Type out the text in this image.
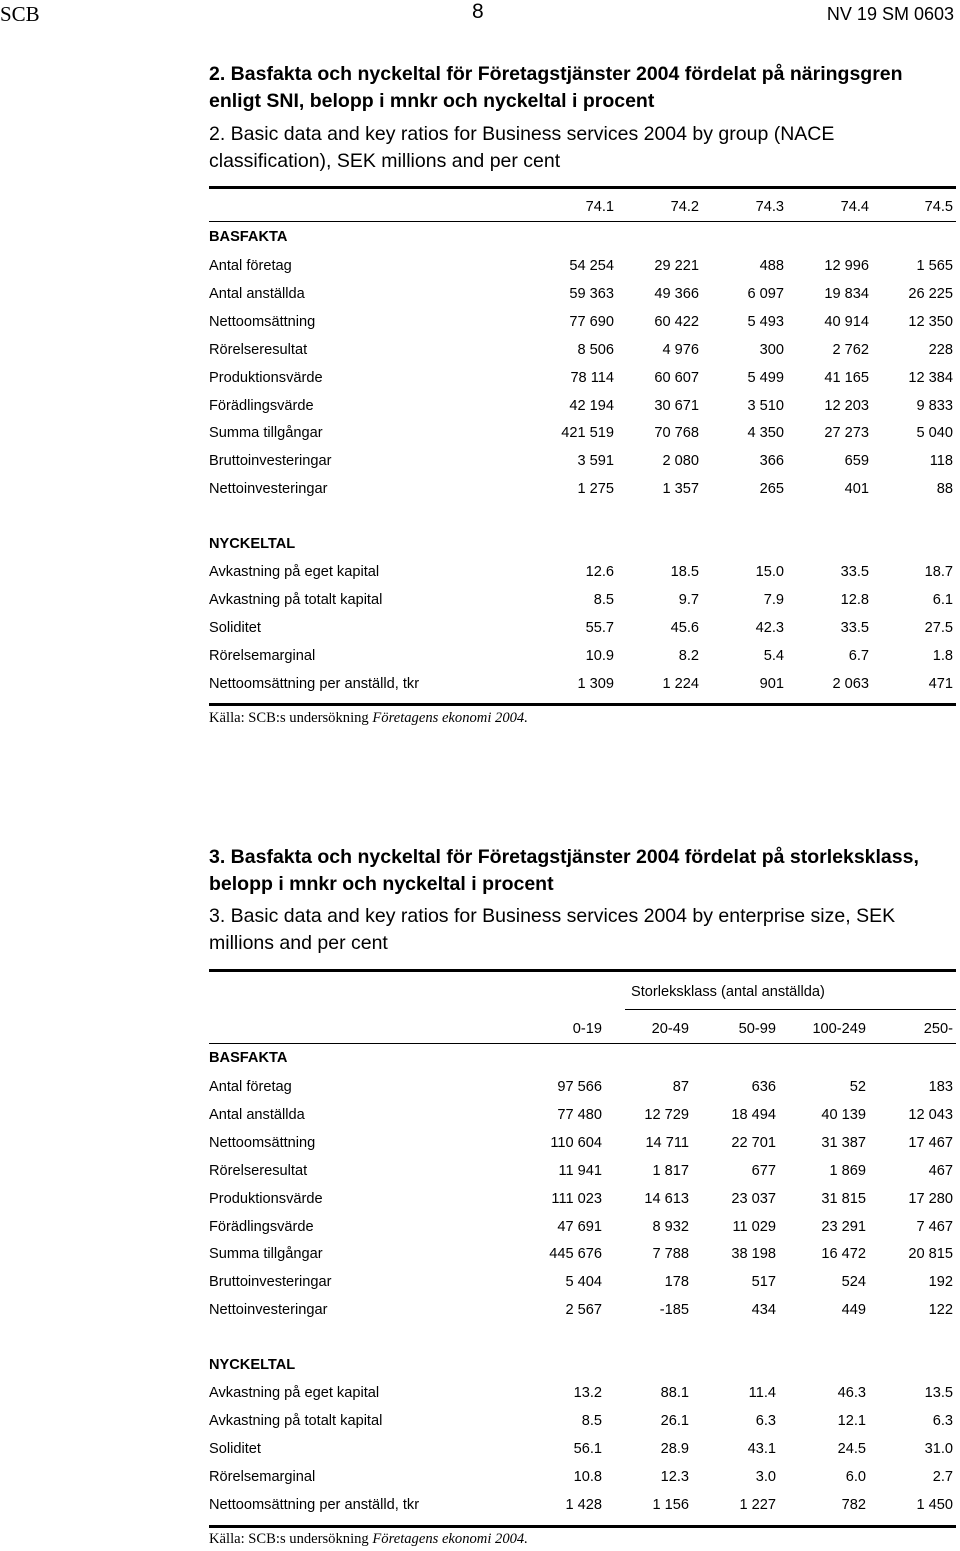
SCB	8	NV 19 SM 0603
2. Basfakta och nyckeltal för Företagstjänster 2004 fördelat på näringsgren enligt SNI, belopp i mnkr och nyckeltal i procent
2. Basic data and key ratios for Business services 2004 by group (NACE classification), SEK millions and per cent
3. Basfakta och nyckeltal för Företagstjänster 2004 fördelat på storleksklass, belopp i mnkr och nyckeltal i procent
3. Basic data and key ratios for Business services 2004 by enterprise size, SEK millions and per cent
Storleksklass (antal anställda)
74.1	74.2	74.3	74.4	74.5
BASFAKTA
Antal företag	54 254	29 221	488	12 996	1 565
Antal anställda	59 363	49 366	6 097	19 834	26 225
Nettoomsättning	77 690	60 422	5 493	40 914	12 350
Rörelseresultat	8 506	4 976	300	2 762	228
Produktionsvärde	78 114	60 607	5 499	41 165	12 384
Förädlingsvärde	42 194	30 671	3 510	12 203	9 833
Summa tillgångar	421 519	70 768	4 350	27 273	5 040
Bruttoinvesteringar	3 591	2 080	366	659	118
Nettoinvesteringar	1 275	1 357	265	401	88
NYCKELTAL
Avkastning på eget kapital	12.6	18.5	15.0	33.5	18.7
Avkastning på totalt kapital	8.5	9.7	7.9	12.8	6.1
Soliditet	55.7	45.6	42.3	33.5	27.5
Rörelsemarginal	10.9	8.2	5.4	6.7	1.8
Nettoomsättning per anställd, tkr	1 309	1 224	901	2 063	471
Källa: SCB:s undersökning Företagens ekonomi 2004.
0-19	20-49	50-99	100-249	250-
BASFAKTA
Antal företag	97 566	87	636	52	183
Antal anställda	77 480	12 729	18 494	40 139	12 043
Nettoomsättning	110 604	14 711	22 701	31 387	17 467
Rörelseresultat	11 941	1 817	677	1 869	467
Produktionsvärde	111 023	14 613	23 037	31 815	17 280
Förädlingsvärde	47 691	8 932	11 029	23 291	7 467
Summa tillgångar	445 676	7 788	38 198	16 472	20 815
Bruttoinvesteringar	5 404	178	517	524	192
Nettoinvesteringar	2 567	-185	434	449	122
NYCKELTAL
Avkastning på eget kapital	13.2	88.1	11.4	46.3	13.5
Avkastning på totalt kapital	8.5	26.1	6.3	12.1	6.3
Soliditet	56.1	28.9	43.1	24.5	31.0
Rörelsemarginal	10.8	12.3	3.0	6.0	2.7
Nettoomsättning per anställd, tkr	1 428	1 156	1 227	782	1 450
Källa: SCB:s undersökning Företagens ekonomi 2004.
